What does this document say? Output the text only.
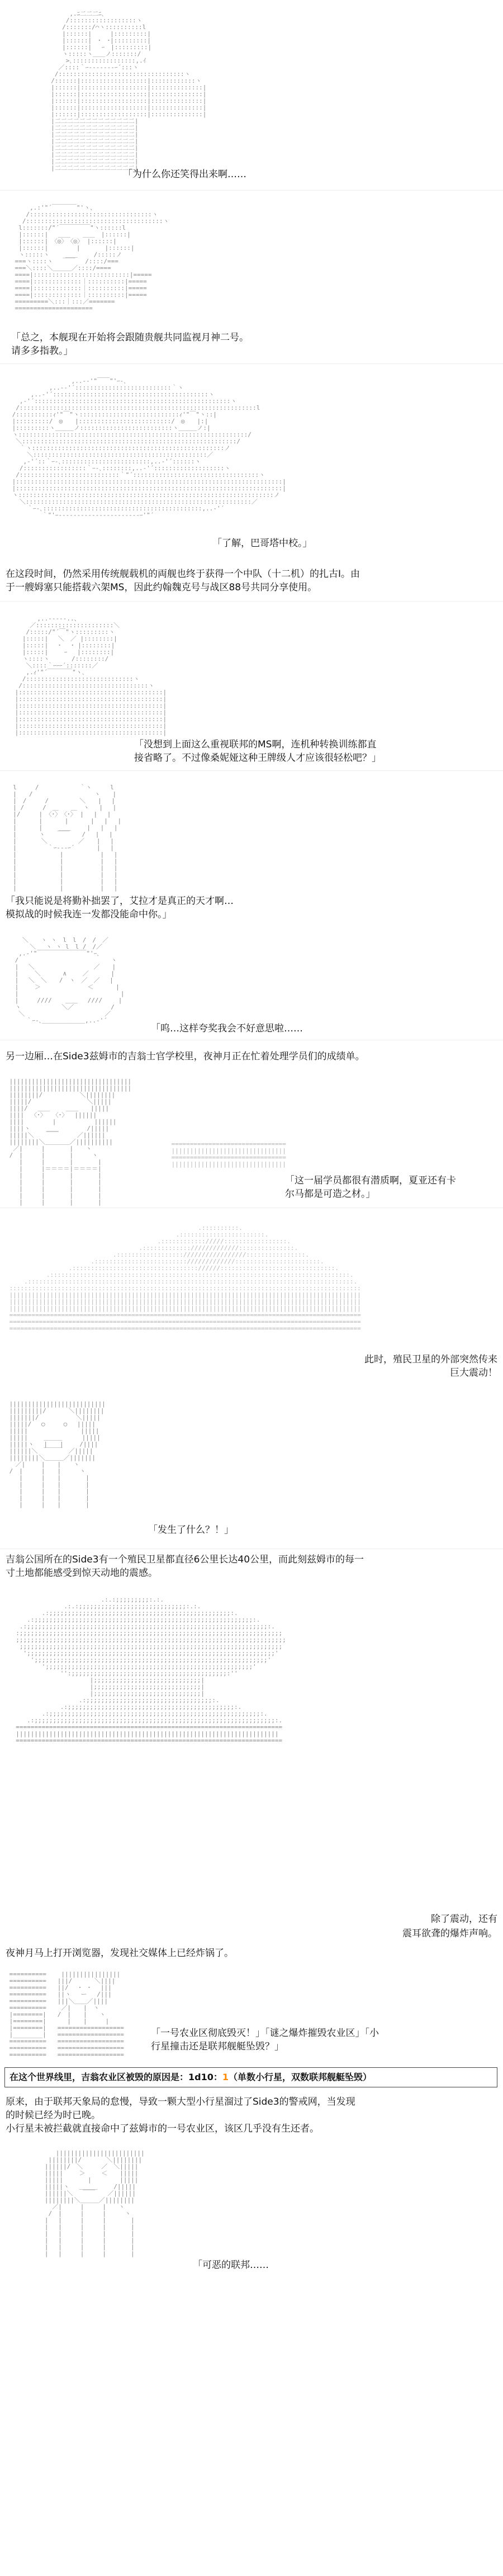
,.ﾆ二二二ﾆ､
/::::::::::::::::::ヽ
/:::::::/⌒ヽ::::::::::l
|::::::|　　　|:::::::::|
|::::::|　･　･|:::::::::|
|::::::|　 ｰ　|:::::::::|
ヽ:::::ヽ＿＿ノ:::::::/
>､:::::::::::::::::,.ｲ
／::::｀ｰ-------ｰ´:::ヽ
/::::::::::::::::::::::::::::::::::ヽ
/::::::|::::::::::::::::::|::::::::::::ヽ
|::::::|::::::::::::::::::|::::::::::::::|
|::::::|::::::::::::::::::|::::::::::::::|
|::::::|::::::::::::::::::|::::::::::::::|
|::::::|::::::::::::::::::|::::::::::::::|
|::::::|::::::::::::::::::|::::::::::::::|
|二二二二二二二二二二二二二|
|二二二二二二二二二二二二二|
|二二二二二二二二二二二二二|
|二二二二二二二二二二二二二|
|二二二二二二二二二二二二二|
|二二二二二二二二二二二二二|
|二二二二二二二二二二二二二|
|二二二二二二二二二二二二二|

「为什么你还笑得出来啊……
,.:'"´￣￣￣￣"'ヽ、
/:::::::::::::::::::::::::::::::::ヽ
/:::::::::::::::::::::::::::::::::::::ヽ
l:::::::/"´￣￣￣￣￣"ヽ::::::l
|::::::|　 ＿＿　　＿＿　|::::::|
|::::::|　〈◎〉　〈◎〉 |::::::|
|::::::|　　　　 |　　　　|::::::|
ヽ:::::ヽ　　 ＿＿　　 /:::::ノ
===ヽ::::ヽ　 ￣￣　 /::::/===
===＼::::＼＿＿＿／::::/====
====|::::::::::::::::::::::::::|=====
====|:::::::::::::｜::::::::::|=====
====|:::::::::::::｜::::::::::|=====
====|:::::::::::::｜::::::::::|=====
=========＼:::｜:::／=======
=====================

「总之，本舰现在开始将会跟随贵舰共同监视月神二号。
请多多指教。」
,..-‐'"￣￣"'ｰ-､
,..-‐'´::::::::::::::::::::::::::｀ヽ
,..-'´::::::::::::::::::::::::::::::::::::::::::ヽ
,-'´:::::::::::::::::::::::::::::::::::::::::::::::::::::ヽ
/::::::::::::::::::::::::::::::::::::::::::::::::::::::::::::::::l
/::::::::::ｨ'"￣"ヽ:::::::::::::::::::::::::::ｨ'"￣"ヽ::|
|:::::::::/　◎　　|:::::::::::::::::::::::::/　◎　　|:|
|:::::::::ヽ＿＿＿ノ:::::::::::::::::::::::::ヽ＿＿＿ノ:|
ヽ::::::::::::::::::::::::::::::::::::::::::::::::::::::::::::::/
＼::::::::::::::::::::::::::::::::::::::::::::::::::::::::::/
｀ヽ::::::::::::::::::::::::::::::::::::::::::::::::::::ノ
＼:::::::::::::::::::::::::::::::::::::::::::::::／
,-'´::｀ｰ-､::::::::::::::::::::::::,..-'´::::::ヽ
/:::::::::::::::::｀ｰ-､::::::::,..-'´:::::::::::::::::::ヽ
/:::::::::::::::::::::::::::｀"´::::::::::::::::::::::::::::::::::ヽ
|::::::::::::::::::::::::::::::::::::::::::::::::::::::::::::::::::::::::|
|::::::::::::::::::::::::::::::::::::::::::::::::::::::::::::::::::::::::|
ヽ:::::::::::::::::::::::::::::::::::::::::::::::::::::::::::::::::::::ノ
＼:::::::::::::::::::::::::::::::::::::::::::::::::::::::::::::／
｀ｰ-､:::::::::::::::::::::::::::::::::::::::::::,..-'´
｀"'ｰ----------------------ｰ'"´

「了解，巴哥塔中校。」
在这段时间，仍然采用传统舰载机的両舰也终于获得一个中队（十二机）的扎古Ⅰ。由
于一艘姆塞只能搭载六架MS，因此约翰魏克号与战区88号共同分享使用。
,..-‐‐‐-..、
／:::::::::::::::::::::＼
/:::::/"´￣"ヽ:::::::::ヽ
|:::::|　 ＼　／ |::::::::|
|:::::|　 ･　 ･ |::::::::|
|:::::|　　 ｰ　 |::::::::|
ヽ::::ヽ　　　 /::::::::/
＼::::｀ｰｰｰ´:::::::／
,.ｨ'"´￣￣￣￣"ヽ､
/:::::::::::::::::::::::::::::ヽ
/::::::::::::::::::::::::::::::::::ヽ
|:::::::::::::::::::::::::::::::::::::::|
|:::::::::::::::::::::::::::::::::::::::|
|:::::::::::::::::::::::::::::::::::::::|
|:::::::::::::::::::::::::::::::::::::::|
|:::::::::::::::::::::::::::::::::::::::|
|:::::::::::::::::::::::::::::::::::::::|
|:::::::::::::::::::::::::::::::::::::::|

「没想到上面这么重视联邦的MS啊，连机种转换训练都直
接省略了。不过像桑妮娅这种王牌级人才应该很轻松吧？」
l　　　/　　　　　 　｀ヽ　　　l
|　　/　　　　　　　　　　ヽ　　|
|　/　　　/　　　　　＼　　|　 |
| /　　　/　＿　　＿　ヽ　 |　 |
|/　　　|　〈･〉　〈･〉 |　 |　 |
|　　　 |　　　 |　　　 |　 |　 |
|　　　 |　　 ＿＿　　 |　 |　 |
|　　　 ヽ　　￣￣　　/　 |　 |
|　　　　＼　　　　　／　　|　 |
|　　　　　｀ｰ---ｰ´　　　 |　 |
|　　　　　　　|　　　　　　|　 |
|　　　　　　　|　　　　　　|　 |
|　　　　　　　|　　　　　　|　 |
|　　　　　　　|　　　　　　|　 |
|　　　　　　　|　　　　　　|　 |
|　　　　　　　|　　　　　　|　 |

「我只能说是将勤补拙罢了，艾拉才是真正的天才啊…
模拟战的时候我连一发都没能命中你。」
＼　　ヽ ヽ　l　l　/　/　／
＼　 ヽ ヽ l　l /　/／
,.-'"￣￣￣￣￣￣￣￣"'ｰ､
/　　　　　　　　　　　　　　　ヽ
|　 ＼　　　　　　　　　 ／　　|
|　　 ＼　　　 ∧　　 ／　　　 |
|　 ＼　＼　　/　ヽ　／　／ 　|
|　　 ＞　　　　　　　 ＜　　　 |
|　　　　　　　　　　　　　　　　 |
|　　　//// 　 ＿＿　 ////　　 |
ヽ　　　　　　 ＼／　　　　　　/
＼　　　　　　　　　　　　　／
｀ｰ-､＿＿＿＿＿＿＿,..-'´

「呜…这样夸奖我会不好意思啦……
另一边厢…在Side3兹姆市的吉翁士官学校里，夜神月正在忙着处理学员们的成绩单。
|||||||||||||||||||||||||||||||||
|||||||||||||||||||||||||||||||||
||||||||/　　　　　　＼||||||||
|||||/　　　　　　　　　＼|||||
||||/　 ＿＿　　 ＿＿　　|||||
|||| 　〈･〉　　〈･〉　 ||||||
||||　　　　 |　　　　　  ||||||
||||ヽ　　 ＿＿　　　　 /|||||
|||||＼　　￣￣　　　／||||||
||||||||＼＿＿＿＿／||||||||||
／|　　　|　　　　|　　ヽ
/　|　　　|　　　　|　　　ヽ
　 |　　　|　　　　|　　　　|
　 |　　　|＝＝＝＝|＝＝＝＝|
　 |　　　|　　　　|　　　　|
　 |　　　|　　　　|　　　　|
　 |　　　|　　　　|　　　　|
　 |　　　|　　　　|　　　　|
　 |　　　|　　　　|　　　　|

===============================
|||||||||||||||||||||||||||||||
===============================
|||||||||||||||||||||||||||||||

「这一届学员都很有潜质啊，夏亚还有卡
尔马都是可造之材。」
.::::::::::.
.:::::::::::::::::::::::.
.:::::::::::://///:::::::::::::::::.
.::::::::::::://///////////:::::::::::::::.
.:::::::::::::::::://///////////////::::::::::::::::.
.::::::::::::::::::::::::://///////////:::::::::::::::::::::::.
.:::::::::::::::::::::::::::::::::://////:::::::::::::::::::::::::::::::.
.:::::::::::::::::::::::::::::::::::::::::::::::::::::::::::::::::::::::::::::::::.
.::::::::::::::::::::::::::::::::::::::::::::::::::::::::::::::::::::::::::::::::::::::::.
:::::::::::::::::::::::::::::::::::::::::::::::::::::::::::::::::::::::::::::::::::::::::::::::
|||||||||||||||||||||||||||||||||||||||||||||||||||||||||||||||||||||||||||||||||||||||||||||||
|||||||||||||||||||||||||||||||||||||||||||||||||||||||||||||||||||||||||||||||||||||||||||||||
|||||||||||||||||||||||||||||||||||||||||||||||||||||||||||||||||||||||||||||||||||||||||||||||
===============================================================================================
===============================================================================================
===============================================================================================

此时，殖民卫星的外部突然传来
巨大震动！
||||||||||||||||||||||||||
|||||||||/　　　 ＼||||||||
|||||||/　　　　　　＼|||||
|||||/　 ○　　　○　 |||||
|||||　　　　　　　　 |||||
|||||　　 ＿＿＿　　  |||||
|||||ヽ　 |　　|　　 /||||
||||||＼　￣￣￣　／|||||
||||||||＼＿＿＿／|||||||
　／|　　 |　　|　　ヽ
/　|　　　|　　|　　　ヽ
　 |　　　|　　|　　　　|
　 |　　　|　　|　　　　|
　 |　　　|　　|　　　　|
　 |　　　|　　|　　　　|
　 |　　　|　　|　　　　|

「发生了什么？！」
吉翁公国所在的Side3有一个殖民卫星都直径6公里长达40公里，而此刻兹姆市的每一
寸土地都能感受到惊天动地的震感。
.:.:;;;;;;;;;:.:.
.:.:;;;;;;;;;;;;;;;;;;;;;;;;;;;;;:.:.
.:;;;;;;;;;;;;;;;;;;;;;;;;;;;;;;;;;;;;;;;;;;;;;;;;;:.
.:;;;;;;;;;;;;;;;;;;;;;;;;;;;;;;;;;;;;;;;;;;;;;;;;;;;;;;;;;;;:.
.:;;;;;;;;;;;;;;;;;;;;;;;;;;;;;;;;;;;;;;;;;;;;;;;;;;;;;;;;;;;;;;;;;:.
:;;;;;;;;;;;;;;;;;;;;;;;;;;;;;;;;;;;;;;;;;;;;;;;;;;;;;;;;;;;;;;;;;;;;;;;
;;;;;;;;;;;;;;;;;;;;;;;;;;;;;;;;;;;;;;;;;;;;;;;;;;;;;;;;;;;;;;;;;;;;;;;;;
;;;;;;;;;;;;;;;;;;;;;;;;;;;;;;;;;;;;;;;;;;;;;;;;;;;;;;;;;;;;;;;;;;;;;;;
';;;;;;;;;;;;;;;;;;;;;;;;;;;;;;;;;;;;;;;;;;;;;;;;;;;;;;;;;;;;;;;;;;;'
';;;;;;;;;;;;;;;;;;;;;;;;;;;;;;;;;;;;;;;;;;;;;;;;;;;;;;;;;;;;;;;'
';;;;;;;;;;;;;;;;;;;;;;;;;;;;;;;;;;;;;;;;;;;;;;;;;;;;;;;;'
'':;;;;;;;;;;;;;;;;;;;;;;;;;;;;;;;;;;;;;;;;;;:''
|;;;;;;;;;;;;;;;;;;;;;;;;;;;;;|
|;;;;;;;;;;;;;;;;;;;;;;;;;;;;;|
|;;;;;;;;;;;;;;;;;;;;;;;;;;;;;|
.:;;;;;;;;;;;;;;;;;;;;;;;;;;;;;;;;;;:.
.:;;;;;;;;;;;;;;;;;;;;;;;;;;;;;;;;;;;;;;;;;;;;;:.
.:;;;;;;;;;;;;;;;;;;;;;;;;;;;;;;;;;;;;;;;;;;;;;;;;;;;;;;;;;:.
.:;;;;;;;;;;;;;;;;;;;;;;;;;;;;;;;;;;;;;;;;;;;;;;;;;;;;;;;;;;;;;;;;;:.
========================================================================
|||||||||||||||||||||||||||||||||||||||||||||||||||||||||||||||||||||||
========================================================================

除了震动，还有
震耳欲聋的爆炸声响。
夜神月马上打开浏览器，发现社交媒体上已经炸锅了。
==========    ||||||||||||||||
==========   |||/　　　 ＼||||
==========   ||/　 ･　･　 |||
==========   ||ヽ　 ー　 /|||
==========   |||＼＿＿／||||
==========    ／|　　|　ヽ
|========|   /　|　　|　　ヽ
|========|   　 |　　|　　　|
|========|   ==================
|________|   ==================
==========   ==================
==========   ==================
==========   ==================

「一号农业区彻底毁灭！」「谜之爆炸摧毁农业区」「小
行星撞击还是联邦舰艇坠毁？」
在这个世界线里，吉翁农业区被毁的原因是：1d10：1（单数小行星，双数联邦舰艇坠毁）
原来，由于联邦天象局的怠慢，导致一颗大型小行星溜过了Side3的警戒网，当发现
的时候已经为时已晚。
小行星未被拦截就直接命中了兹姆市的一号农业区，该区几乎没有生还者。
||||||||||||||||||||||||
||||||||/　　　　＼||||||||
||||||/　＼　　　／　＼|||||
|||||　　 ＞　　 ＜　　|||||
|||||　　　　|　　　　 |||||
|||||ヽ　 ＿＿＿　　 /|||||
||||||＼　 ￣￣　　／||||||
||||||||＼＿＿＿／||||||||
／|　　　|　　　|　　ヽ
/　|　　　|　　　|　　　ヽ
|　 |　　　|　　　|　　　　|
|　 |　　　|　　　|　　　　|
|　 |　　　|　　　|　　　　|
|　 |　　　|　　　|　　　　|
|　 |　　　|　　　|　　　　|
|　 |　　　|　　　|　　　　|

「可恶的联邦……
